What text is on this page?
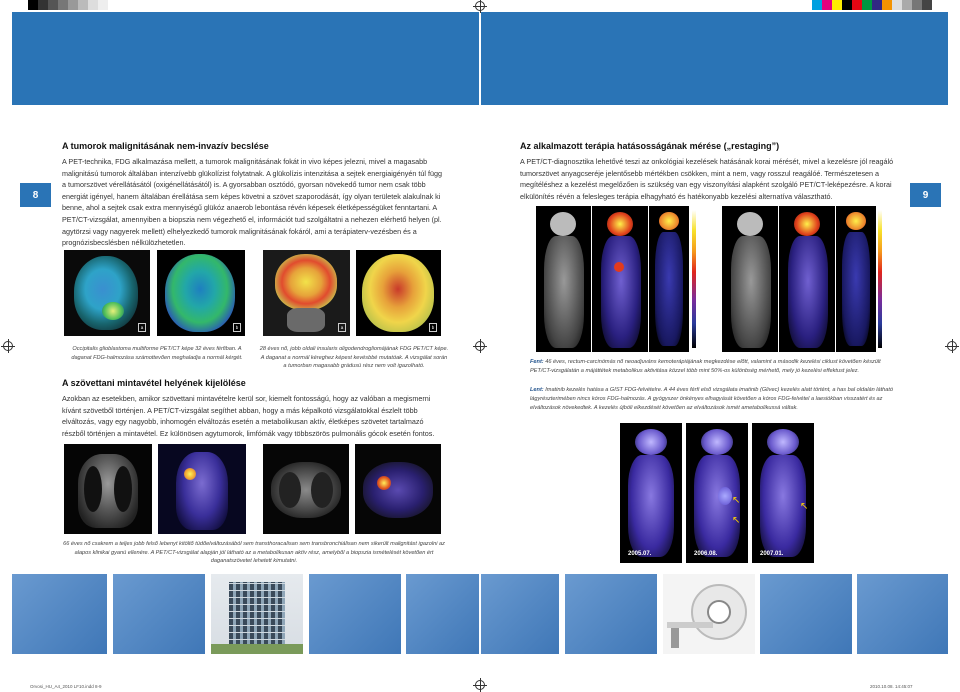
8	9
A tumorok malignitásának nem-invazív becslése
A PET-technika, FDG alkalmazása mellett, a tumorok malignitásának fokát in vivo képes jelezni, mivel a magasabb malignitású tumorok általában intenzívebb glükolízist folytatnak. A glükolízis intenzitása a sejtek energiaigényén túl függ a tumorszövet vérellátásától (oxigénellátásától) is. A gyorsabban osztódó, gyorsan növekedő tumor nem csak több energiát igényel, hanem általában érellátása sem képes követni a szövet szaporodását, így olyan területek alakulnak ki benne, ahol a sejtek csak extra mennyiségű glükóz anaerob lebontása révén képesek életképességüket fenntartani. A PET/CT-vizsgálat, amennyiben a biopszia nem végezhető el, információt tud szolgáltatni a nehezen elérhető helyen (pl. agytörzsi vagy nagyerek mellett) elhelyezkedő tumorok malignitásának fokáról, ami a terápiaterv-vezésben és a prognózisbecslésben nélkülözhetetlen.
a	b	a	b
Occipitalis glioblastoma multiforme PET/CT képe 32 éves férfiban. A daganat FDG-halmozása számottevően meghaladja a normál kérgét.
28 éves nő, jobb oldali insularis oligodendrogliomájának FDG PET/CT képe. A daganat a normál kéreghez képest kevésbbé mutatóak. A vizsgálat során a tumorban magasabb grádusú rész nem volt igazolható.
A szövettani mintavétel helyének kijelölése
Azokban az esetekben, amikor szövettani mintavételre kerül sor, kiemelt fontosságú, hogy az valóban a megismerni kívánt szövetből történjen. A PET/CT-vizsgálat segíthet abban, hogy a más képalkotó vizsgálatokkal észlelt több elváltozás, vagy egy nagyobb, inhomogén elváltozás esetén a metabolikusan aktív, életképes szövetet tartalmazó részből történjen a mintavétel. Ez különösen agytumorok, limfómák vagy többszörös pulmonális gócok esetén fontos.
66 éves nő csakrem a teljes jobb felső lebenyt kitöltő tüdőelváltozásából sem transthoracalisan sem transbronchiálisan nem sikerült malignitást igazolni az alapos klinikai gyanú ellenére. A PET/CT-vizsgálat alapján jól látható az a metabolikusan aktív rész, amelyből a biopszia ismételését követően ért daganatszövetet lehetett kimutatni.
Az alkalmazott terápia hatásosságának mérése („restaging”)
A PET/CT-diagnosztika lehetővé teszi az onkológiai kezelések hatásának korai mérését, mivel a kezelésre jól reagáló tumorszövet anyagcseréje jelentősebb mértékben csökken, mint a nem, vagy rosszul reagálóé. Természetesen a megítéléshez a kezelést megelőzően is szükség van egy viszonyítási alapként szolgáló PET/CT-leképezésre. A korai elkülönítés révén a felesleges terápia elhagyható és hatékonyabb kezelési alternatíva választható.
Fent: 46 éves, rectum-carcinómás nő neoadjuváns kemoterápiájának megkezdése előtt, valamint a második kezelési ciklust követően készült PET/CT-vizsgálatán a májáttétek metabolikus aktivitása közzel több mint 50%-os különbség mérhető, mely jó kezelési effektust jelez.
Lent: Imatinib kezelés hatása a GIST FDG-felvételre. A 44 éves férfi első vizsgálata imatinib (Glivec) kezelés alatt történt, a has bal oldalán látható lágyrészterimében nincs kóros FDG-halmozás. A gyógyszer önkényes elhagyását követően a kóros FDG-felvétel a laesiókban visszatért és az elváltozások növekedtek. A kezelés újbóli elkezdését követően az elváltozások ismét ametabolikussá váltak.
2005.07.
↖
↖
2006.08.
↖
2007.01.
Orvosi_HU_A4_2010 LF10.indd 8-9	2010.10.08. 14:45:07
